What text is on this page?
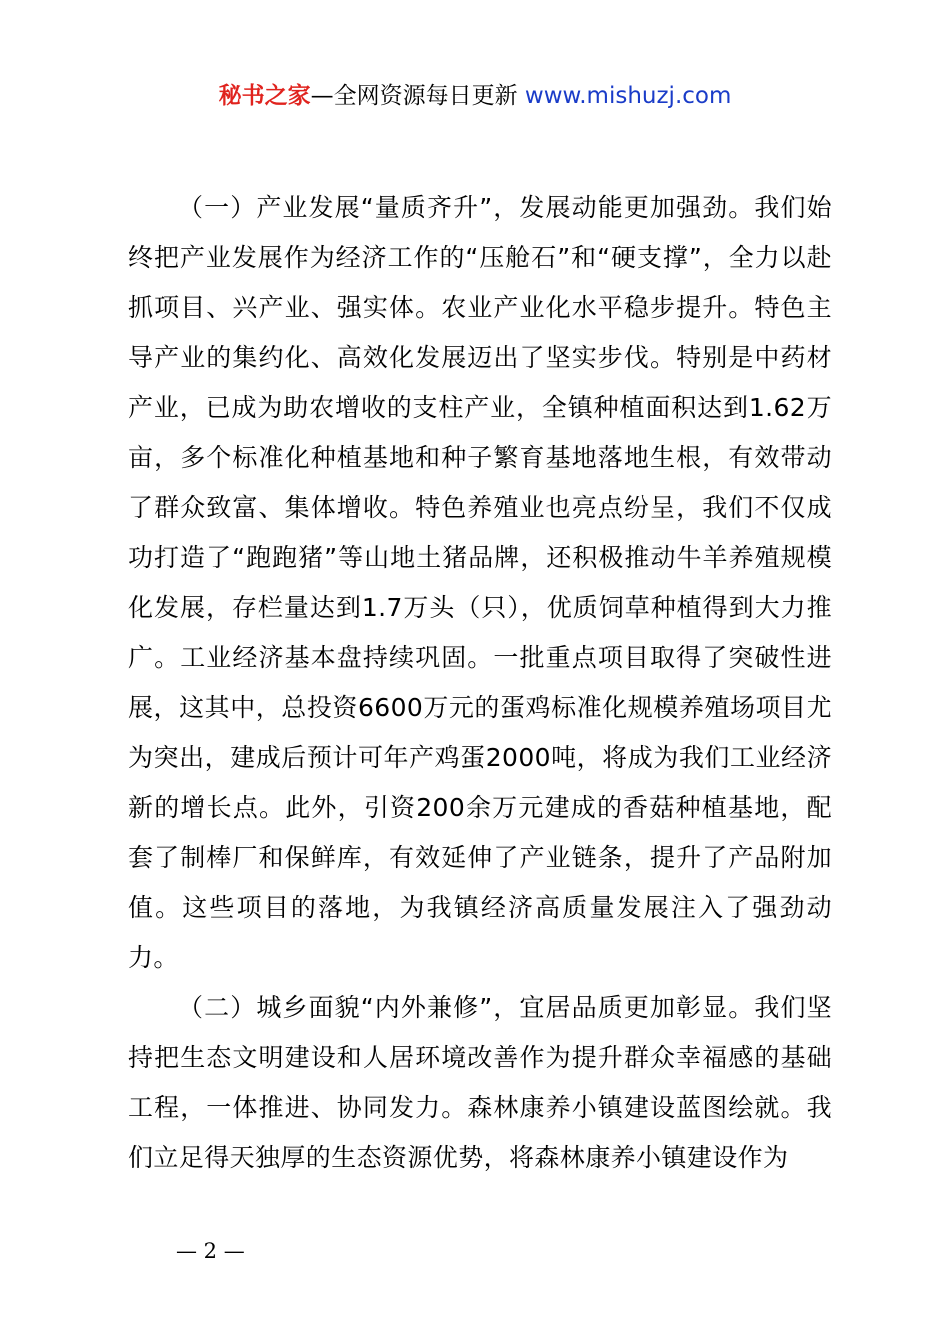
秘书之家—全网资源每日更新 www.mishuzj.com

（一）产业发展“量质齐升”，发展动能更加强劲。我们始终把产业发展作为经济工作的“压舱石”和“硬支撑”，全力以赴抓项目、兴产业、强实体。农业产业化水平稳步提升。特色主导产业的集约化、高效化发展迈出了坚实步伐。特别是中药材产业，已成为助农增收的支柱产业，全镇种植面积达到1.62万亩，多个标准化种植基地和种子繁育基地落地生根，有效带动了群众致富、集体增收。特色养殖业也亮点纷呈，我们不仅成功打造了“跑跑猪”等山地土猪品牌，还积极推动牛羊养殖规模化发展，存栏量达到1.7万头（只），优质饲草种植得到大力推广。工业经济基本盘持续巩固。一批重点项目取得了突破性进展，这其中，总投资6600万元的蛋鸡标准化规模养殖场项目尤为突出，建成后预计可年产鸡蛋2000吨，将成为我们工业经济新的增长点。此外，引资200余万元建成的香菇种植基地，配套了制棒厂和保鲜库，有效延伸了产业链条，提升了产品附加值。这些项目的落地，为我镇经济高质量发展注入了强劲动力。

（二）城乡面貌“内外兼修”，宜居品质更加彰显。我们坚持把生态文明建设和人居环境改善作为提升群众幸福感的基础工程，一体推进、协同发力。森林康养小镇建设蓝图绘就。我们立足得天独厚的生态资源优势，将森林康养小镇建设作为

— 2 —
